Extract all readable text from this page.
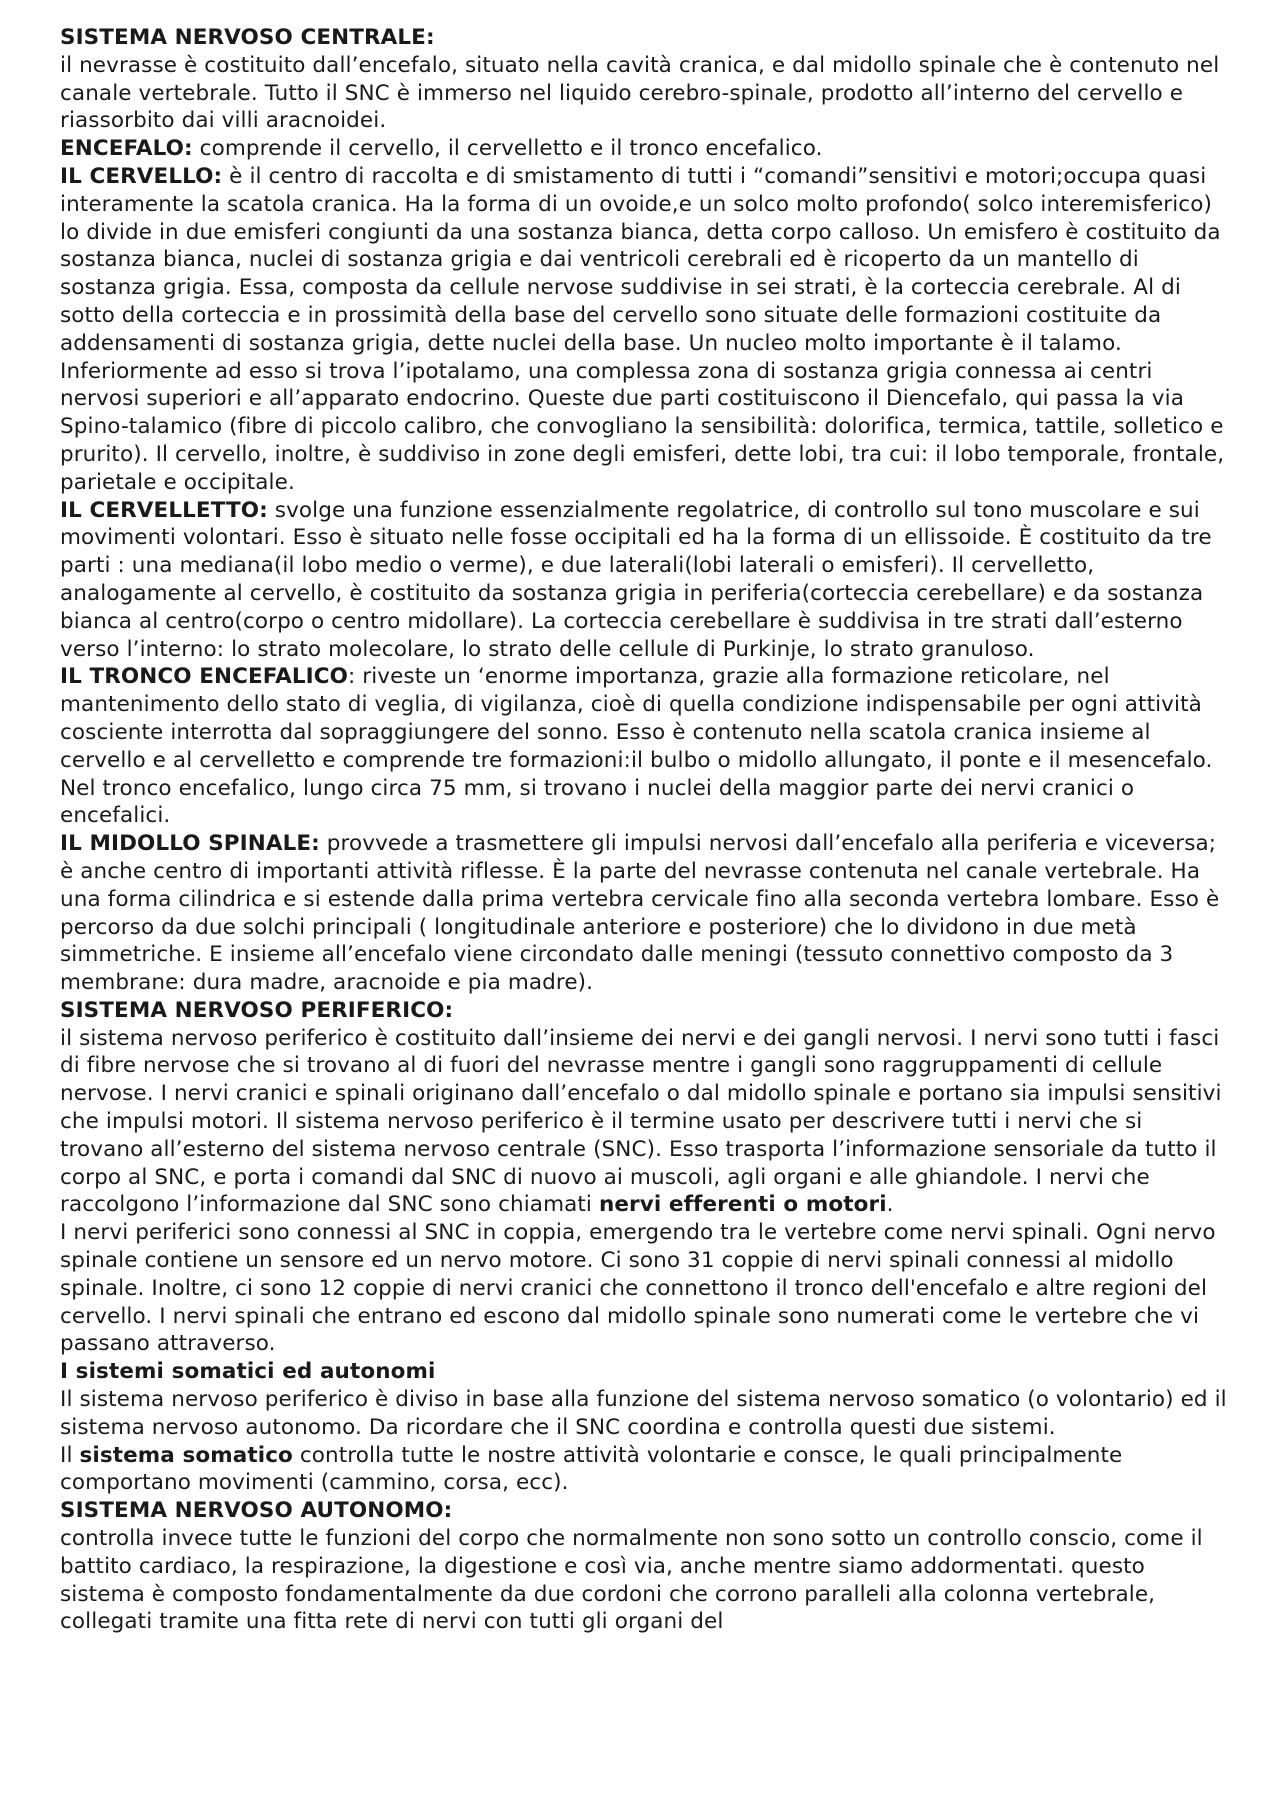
SISTEMA NERVOSO CENTRALE:

il nevrasse è costituito dall’encefalo, situato nella cavità cranica, e dal midollo spinale che è contenuto nel canale vertebrale. Tutto il SNC è immerso nel liquido cerebro-spinale, prodotto all’interno del cervello e riassorbito dai villi aracnoidei.

ENCEFALO: comprende il cervello, il cervelletto e il tronco encefalico.

IL CERVELLO: è il centro di raccolta e di smistamento di tutti i “comandi”sensitivi e motori;occupa quasi interamente la scatola cranica. Ha la forma di un ovoide,e un solco molto profondo( solco interemisferico) lo divide in due emisferi congiunti da una sostanza bianca, detta corpo calloso. Un emisfero è costituito da sostanza bianca, nuclei di sostanza grigia e dai ventricoli cerebrali ed è ricoperto da un mantello di sostanza grigia. Essa, composta da cellule nervose suddivise in sei strati, è la corteccia cerebrale. Al di sotto della corteccia e in prossimità della base del cervello sono situate delle formazioni costituite da addensamenti di sostanza grigia, dette nuclei della base. Un nucleo molto importante è il talamo. Inferiormente ad esso si trova l’ipotalamo, una complessa zona di sostanza grigia connessa ai centri nervosi superiori e all’apparato endocrino. Queste due parti costituiscono il Diencefalo, qui passa la via Spino-talamico (fibre di piccolo calibro, che convogliano la sensibilità: dolorifica, termica, tattile, solletico e prurito). Il cervello, inoltre, è suddiviso in zone degli emisferi, dette lobi, tra cui: il lobo temporale, frontale, parietale e occipitale.

IL CERVELLETTO: svolge una funzione essenzialmente regolatrice, di controllo sul tono muscolare e sui movimenti volontari. Esso è situato nelle fosse occipitali ed ha la forma di un ellissoide. È costituito da tre parti : una mediana(il lobo medio o verme), e due laterali(lobi laterali o emisferi). Il cervelletto, analogamente al cervello, è costituito da sostanza grigia in periferia(corteccia cerebellare) e da sostanza bianca al centro(corpo o centro midollare). La corteccia cerebellare è suddivisa in tre strati dall’esterno verso l’interno: lo strato molecolare, lo strato delle cellule di Purkinje, lo strato granuloso.

IL TRONCO ENCEFALICO: riveste un ‘enorme importanza, grazie alla formazione reticolare, nel mantenimento dello stato di veglia, di vigilanza, cioè di quella condizione indispensabile per ogni attività cosciente interrotta dal sopraggiungere del sonno. Esso è contenuto nella scatola cranica insieme al cervello e al cervelletto e comprende tre formazioni:il bulbo o midollo allungato, il ponte e il mesencefalo. Nel tronco encefalico, lungo circa 75 mm, si trovano i nuclei della maggior parte dei nervi cranici o encefalici.

IL MIDOLLO SPINALE: provvede a trasmettere gli impulsi nervosi dall’encefalo alla periferia e viceversa; è anche centro di importanti attività riflesse. È la parte del nevrasse contenuta nel canale vertebrale. Ha una forma cilindrica e si estende dalla prima vertebra cervicale fino alla seconda vertebra lombare. Esso è percorso da due solchi principali ( longitudinale anteriore e posteriore) che lo dividono in due metà simmetriche. E insieme all’encefalo viene circondato dalle meningi (tessuto connettivo composto da 3 membrane: dura madre, aracnoide e pia madre).

SISTEMA NERVOSO PERIFERICO:

il sistema nervoso periferico è costituito dall’insieme dei nervi e dei gangli nervosi. I nervi sono tutti i fasci di fibre nervose che si trovano al di fuori del nevrasse mentre i gangli sono raggruppamenti di cellule nervose. I nervi cranici e spinali originano dall’encefalo o dal midollo spinale e portano sia impulsi sensitivi che impulsi motori. Il sistema nervoso periferico è il termine usato per descrivere tutti i nervi che si trovano all’esterno del sistema nervoso centrale (SNC). Esso trasporta l’informazione sensoriale da tutto il corpo al SNC, e porta i comandi dal SNC di nuovo ai muscoli, agli organi e alle ghiandole. I nervi che raccolgono l’informazione dal SNC sono chiamati nervi efferenti o motori.

I nervi periferici sono connessi al SNC in coppia, emergendo tra le vertebre come nervi spinali. Ogni nervo spinale contiene un sensore ed un nervo motore. Ci sono 31 coppie di nervi spinali connessi al midollo spinale. Inoltre, ci sono 12 coppie di nervi cranici che connettono il tronco dell'encefalo e altre regioni del cervello. I nervi spinali che entrano ed escono dal midollo spinale sono numerati come le vertebre che vi passano attraverso.

I sistemi somatici ed autonomi

Il sistema nervoso periferico è diviso in base alla funzione del sistema nervoso somatico (o volontario) ed il sistema nervoso autonomo. Da ricordare che il SNC coordina e controlla questi due sistemi.

Il sistema somatico controlla tutte le nostre attività volontarie e consce, le quali principalmente comportano movimenti (cammino, corsa, ecc).

SISTEMA NERVOSO AUTONOMO:

controlla invece tutte le funzioni del corpo che normalmente non sono sotto un controllo conscio, come il battito cardiaco, la respirazione, la digestione e così via, anche mentre siamo addormentati. questo sistema è composto fondamentalmente da due cordoni che corrono paralleli alla colonna vertebrale, collegati tramite una fitta rete di nervi con tutti gli organi del
